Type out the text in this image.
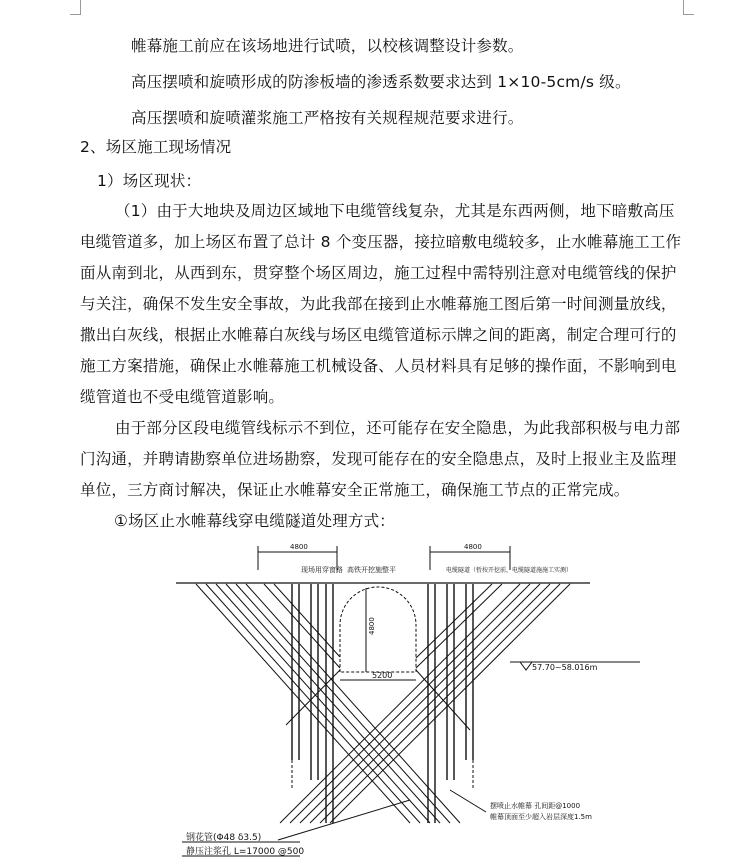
帷幕施工前应在该场地进行试喷，以校核调整设计参数。
高压摆喷和旋喷形成的防渗板墙的渗透系数要求达到 1×10-5cm/s 级。
高压摆喷和旋喷灌浆施工严格按有关规程规范要求进行。
2、场区施工现场情况
1）场区现状：
（1）由于大地块及周边区域地下电缆管线复杂，尤其是东西两侧，地下暗敷高压
电缆管道多，加上场区布置了总计 8 个变压器，接拉暗敷电缆较多，止水帷幕施工工作
面从南到北，从西到东，贯穿整个场区周边，施工过程中需特别注意对电缆管线的保护
与关注，确保不发生安全事故，为此我部在接到止水帷幕施工图后第一时间测量放线，
撒出白灰线，根据止水帷幕白灰线与场区电缆管道标示牌之间的距离，制定合理可行的
施工方案措施，确保止水帷幕施工机械设备、人员材料具有足够的操作面，不影响到电
缆管道也不受电缆管道影响。
由于部分区段电缆管线标示不到位，还可能存在安全隐患，为此我部积极与电力部
门沟通，并聘请勘察单位进场勘察，发现可能存在的安全隐患点，及时上报业主及监理
单位，三方商讨解决，保证止水帷幕安全正常施工，确保施工节点的正常完成。
①场区止水帷幕线穿电缆隧道处理方式：
4800	4800
现场用穿窗路 高铁开挖施整平	电缆隧道（暂按开挖前，电缆隧道施施工实测）
4800
5200
57.70~58.016m
摆喷止水帷幕 孔间距@1000
帷幕顶面至少超入岩层深度1.5m
钢花管(Φ48 δ3.5)
静压注浆孔 L=17000 @500
